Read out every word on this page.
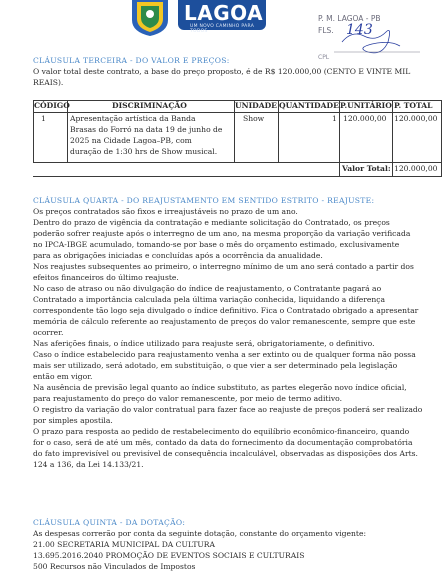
LAGOA
UM NOVO CAMINHO PARA TODOS
P. M. LAGOA - PB
FLS. 143
CPL
CLÁUSULA TERCEIRA - DO VALOR E PREÇOS:
O valor total deste contrato, a base do preço proposto, é de R$ 120.000,00 (CENTO E VINTE MIL
REAIS).
CÓDIGO	DISCRIMINAÇÃO	UNIDADE QUANTIDADE P.UNITÁRIO P. TOTAL
1	Apresentação artística da Banda
Brasas do Forró na data 19 de junho de
2025 na Cidade Lagoa–PB, com
duração de 1:30 hrs de Show musical.
Show	1 120.000,00 120.000,00
Valor Total: 120.000,00
CLÁUSULA QUARTA - DO REAJUSTAMENTO EM SENTIDO ESTRITO - REAJUSTE:
Os preços contratados são fixos e irreajustáveis no prazo de um ano.
Dentro do prazo de vigência da contratação e mediante solicitação do Contratado, os preços
poderão sofrer reajuste após o interregno de um ano, na mesma proporção da variação verificada
no IPCA-IBGE acumulado, tomando-se por base o mês do orçamento estimado, exclusivamente
para as obrigações iniciadas e concluídas após a ocorrência da anualidade.
Nos reajustes subsequentes ao primeiro, o interregno mínimo de um ano será contado a partir dos
efeitos financeiros do último reajuste.
No caso de atraso ou não divulgação do índice de reajustamento, o Contratante pagará ao
Contratado a importância calculada pela última variação conhecida, liquidando a diferença
correspondente tão logo seja divulgado o índice definitivo. Fica o Contratado obrigado a apresentar
memória de cálculo referente ao reajustamento de preços do valor remanescente, sempre que este
ocorrer.
Nas aferições finais, o índice utilizado para reajuste será, obrigatoriamente, o definitivo.
Caso o índice estabelecido para reajustamento venha a ser extinto ou de qualquer forma não possa
mais ser utilizado, será adotado, em substituição, o que vier a ser determinado pela legislação
então em vigor.
Na ausência de previsão legal quanto ao índice substituto, as partes elegerão novo índice oficial,
para reajustamento do preço do valor remanescente, por meio de termo aditivo.
O registro da variação do valor contratual para fazer face ao reajuste de preços poderá ser realizado
por simples apostila.
O prazo para resposta ao pedido de restabelecimento do equilíbrio econômico-financeiro, quando
for o caso, será de até um mês, contado da data do fornecimento da documentação comprobatória
do fato imprevisível ou previsível de consequência incalculável, observadas as disposições dos Arts.
124 a 136, da Lei 14.133/21.
CLÁUSULA QUINTA - DA DOTAÇÃO:
As despesas correrão por conta da seguinte dotação, constante do orçamento vigente:
21.00 SECRETARIA MUNICIPAL DA CULTURA
13.695.2016.2040 PROMOÇÃO DE EVENTOS SOCIAIS E CULTURAIS
500 Recursos não Vinculados de Impostos
